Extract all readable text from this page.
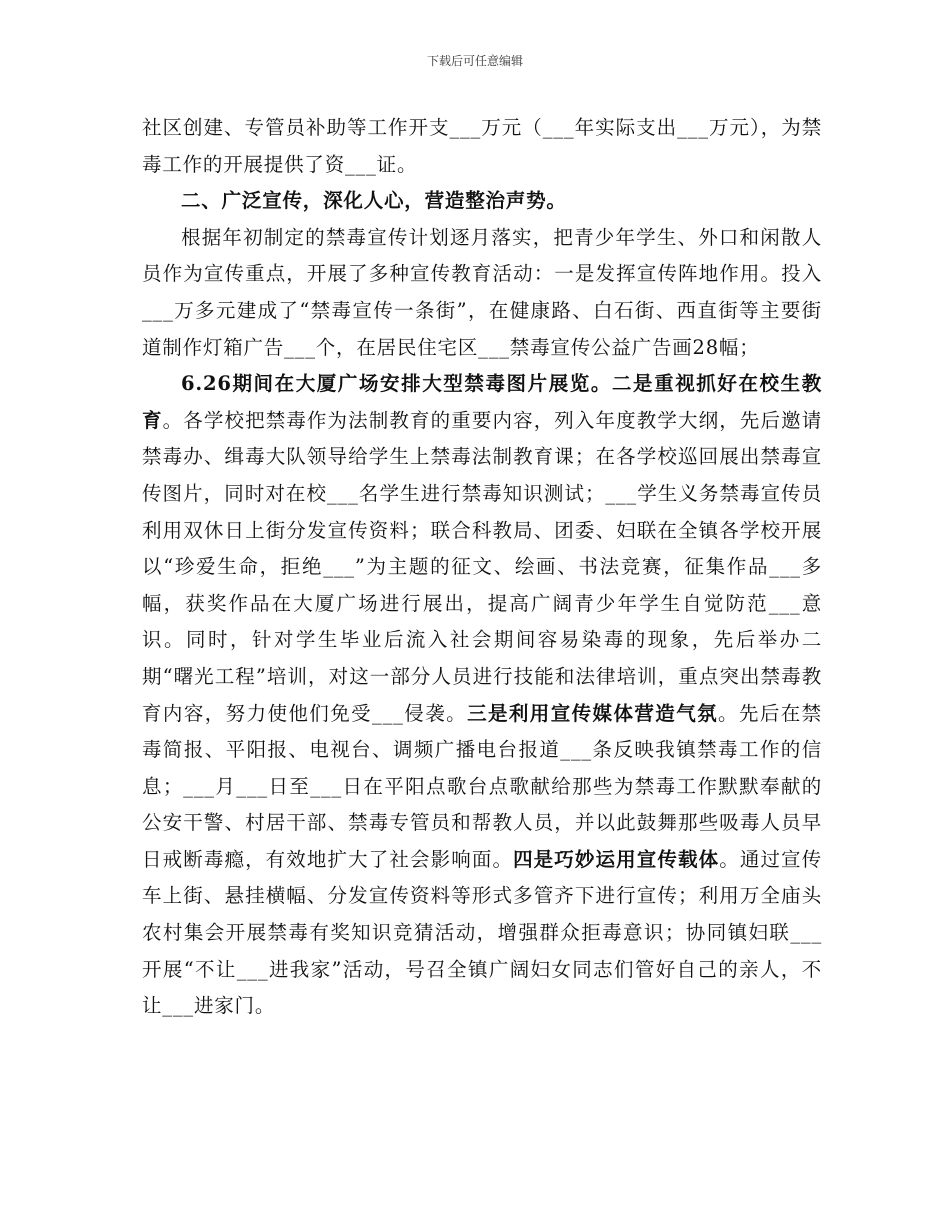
下载后可任意编辑

社区创建、专管员补助等工作开支___万元（___年实际支出___万元），为禁毒工作的开展提供了资___证。

二、广泛宣传，深化人心，营造整治声势。

根据年初制定的禁毒宣传计划逐月落实，把青少年学生、外口和闲散人员作为宣传重点，开展了多种宣传教育活动：一是发挥宣传阵地作用。投入___万多元建成了“禁毒宣传一条街”，在健康路、白石街、西直街等主要街道制作灯箱广告___个，在居民住宅区___禁毒宣传公益广告画28幅；

6.26期间在大厦广场安排大型禁毒图片展览。二是重视抓好在校生教育。各学校把禁毒作为法制教育的重要内容，列入年度教学大纲，先后邀请禁毒办、缉毒大队领导给学生上禁毒法制教育课；在各学校巡回展出禁毒宣传图片，同时对在校___名学生进行禁毒知识测试；___学生义务禁毒宣传员利用双休日上街分发宣传资料；联合科教局、团委、妇联在全镇各学校开展以“珍爱生命，拒绝___”为主题的征文、绘画、书法竞赛，征集作品___多幅，获奖作品在大厦广场进行展出，提高广阔青少年学生自觉防范___意识。同时，针对学生毕业后流入社会期间容易染毒的现象，先后举办二期“曙光工程”培训，对这一部分人员进行技能和法律培训，重点突出禁毒教育内容，努力使他们免受___侵袭。三是利用宣传媒体营造气氛。先后在禁毒简报、平阳报、电视台、调频广播电台报道___条反映我镇禁毒工作的信息；___月___日至___日在平阳点歌台点歌献给那些为禁毒工作默默奉献的公安干警、村居干部、禁毒专管员和帮教人员，并以此鼓舞那些吸毒人员早日戒断毒瘾，有效地扩大了社会影响面。四是巧妙运用宣传载体。通过宣传车上街、悬挂横幅、分发宣传资料等形式多管齐下进行宣传；利用万全庙头农村集会开展禁毒有奖知识竞猜活动，增强群众拒毒意识；协同镇妇联___开展“不让___进我家”活动，号召全镇广阔妇女同志们管好自己的亲人，不让___进家门。
